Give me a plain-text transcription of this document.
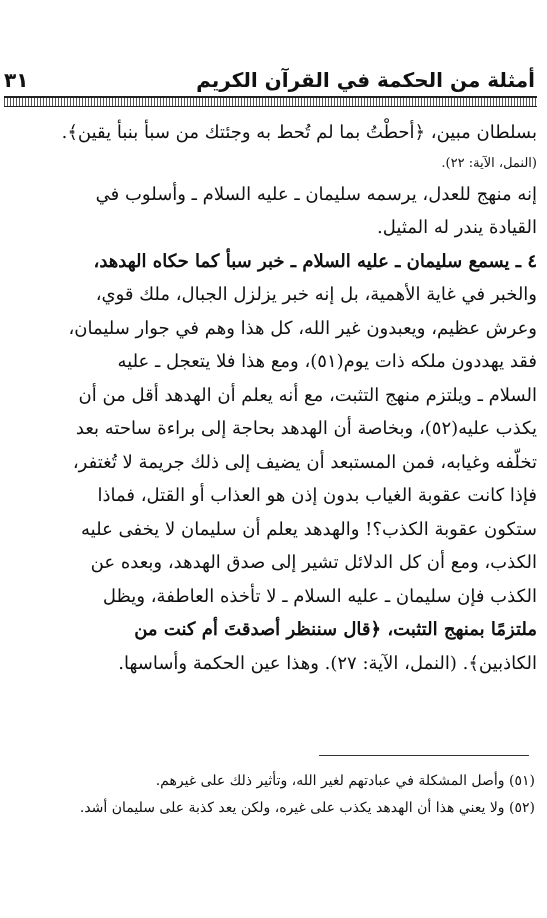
أمثلة من الحكمة في القرآن الكريم
٣١
بسلطان مبين، ﴿أحطْتُ بما لم تُحط به وجئتك من سبأ بنبأ يقين﴾.
(النمل، الآية: ٢٢).
إنه منهج للعدل، يرسمه سليمان ـ عليه السلام ـ وأسلوب في
القيادة يندر له المثيل.
٤ ـ يسمع سليمان ـ عليه السلام ـ خبر سبأ كما حكاه الهدهد،
والخبر في غاية الأهمية، بل إنه خبر يزلزل الجبال، ملك قوي،
وعرش عظيم، ويعبدون غير الله، كل هذا وهم في جوار سليمان،
فقد يهددون ملكه ذات يوم(٥١)، ومع هذا فلا يتعجل ـ عليه
السلام ـ ويلتزم منهج التثبت، مع أنه يعلم أن الهدهد أقل من أن
يكذب عليه(٥٢)، وبخاصة أن الهدهد بحاجة إلى براءة ساحته بعد
تخلّفه وغيابه، فمن المستبعد أن يضيف إلى ذلك جريمة لا تُغتفر،
فإذا كانت عقوبة الغياب بدون إذن هو العذاب أو القتل، فماذا
ستكون عقوبة الكذب؟! والهدهد يعلم أن سليمان لا يخفى عليه
الكذب، ومع أن كل الدلائل تشير إلى صدق الهدهد، وبعده عن
الكذب فإن سليمان ـ عليه السلام ـ لا تأخذه العاطفة، ويظل
ملتزمًا بمنهج التثبت، ﴿قال سننظر أصدقتَ أم كنت من
الكاذبين﴾. (النمل، الآية: ٢٧). وهذا عين الحكمة وأساسها.
(٥١) وأصل المشكلة في عبادتهم لغير الله، وتأثير ذلك على غيرهم.
(٥٢) ولا يعني هذا أن الهدهد يكذب على غيره، ولكن يعد كذبة على سليمان أشد.
